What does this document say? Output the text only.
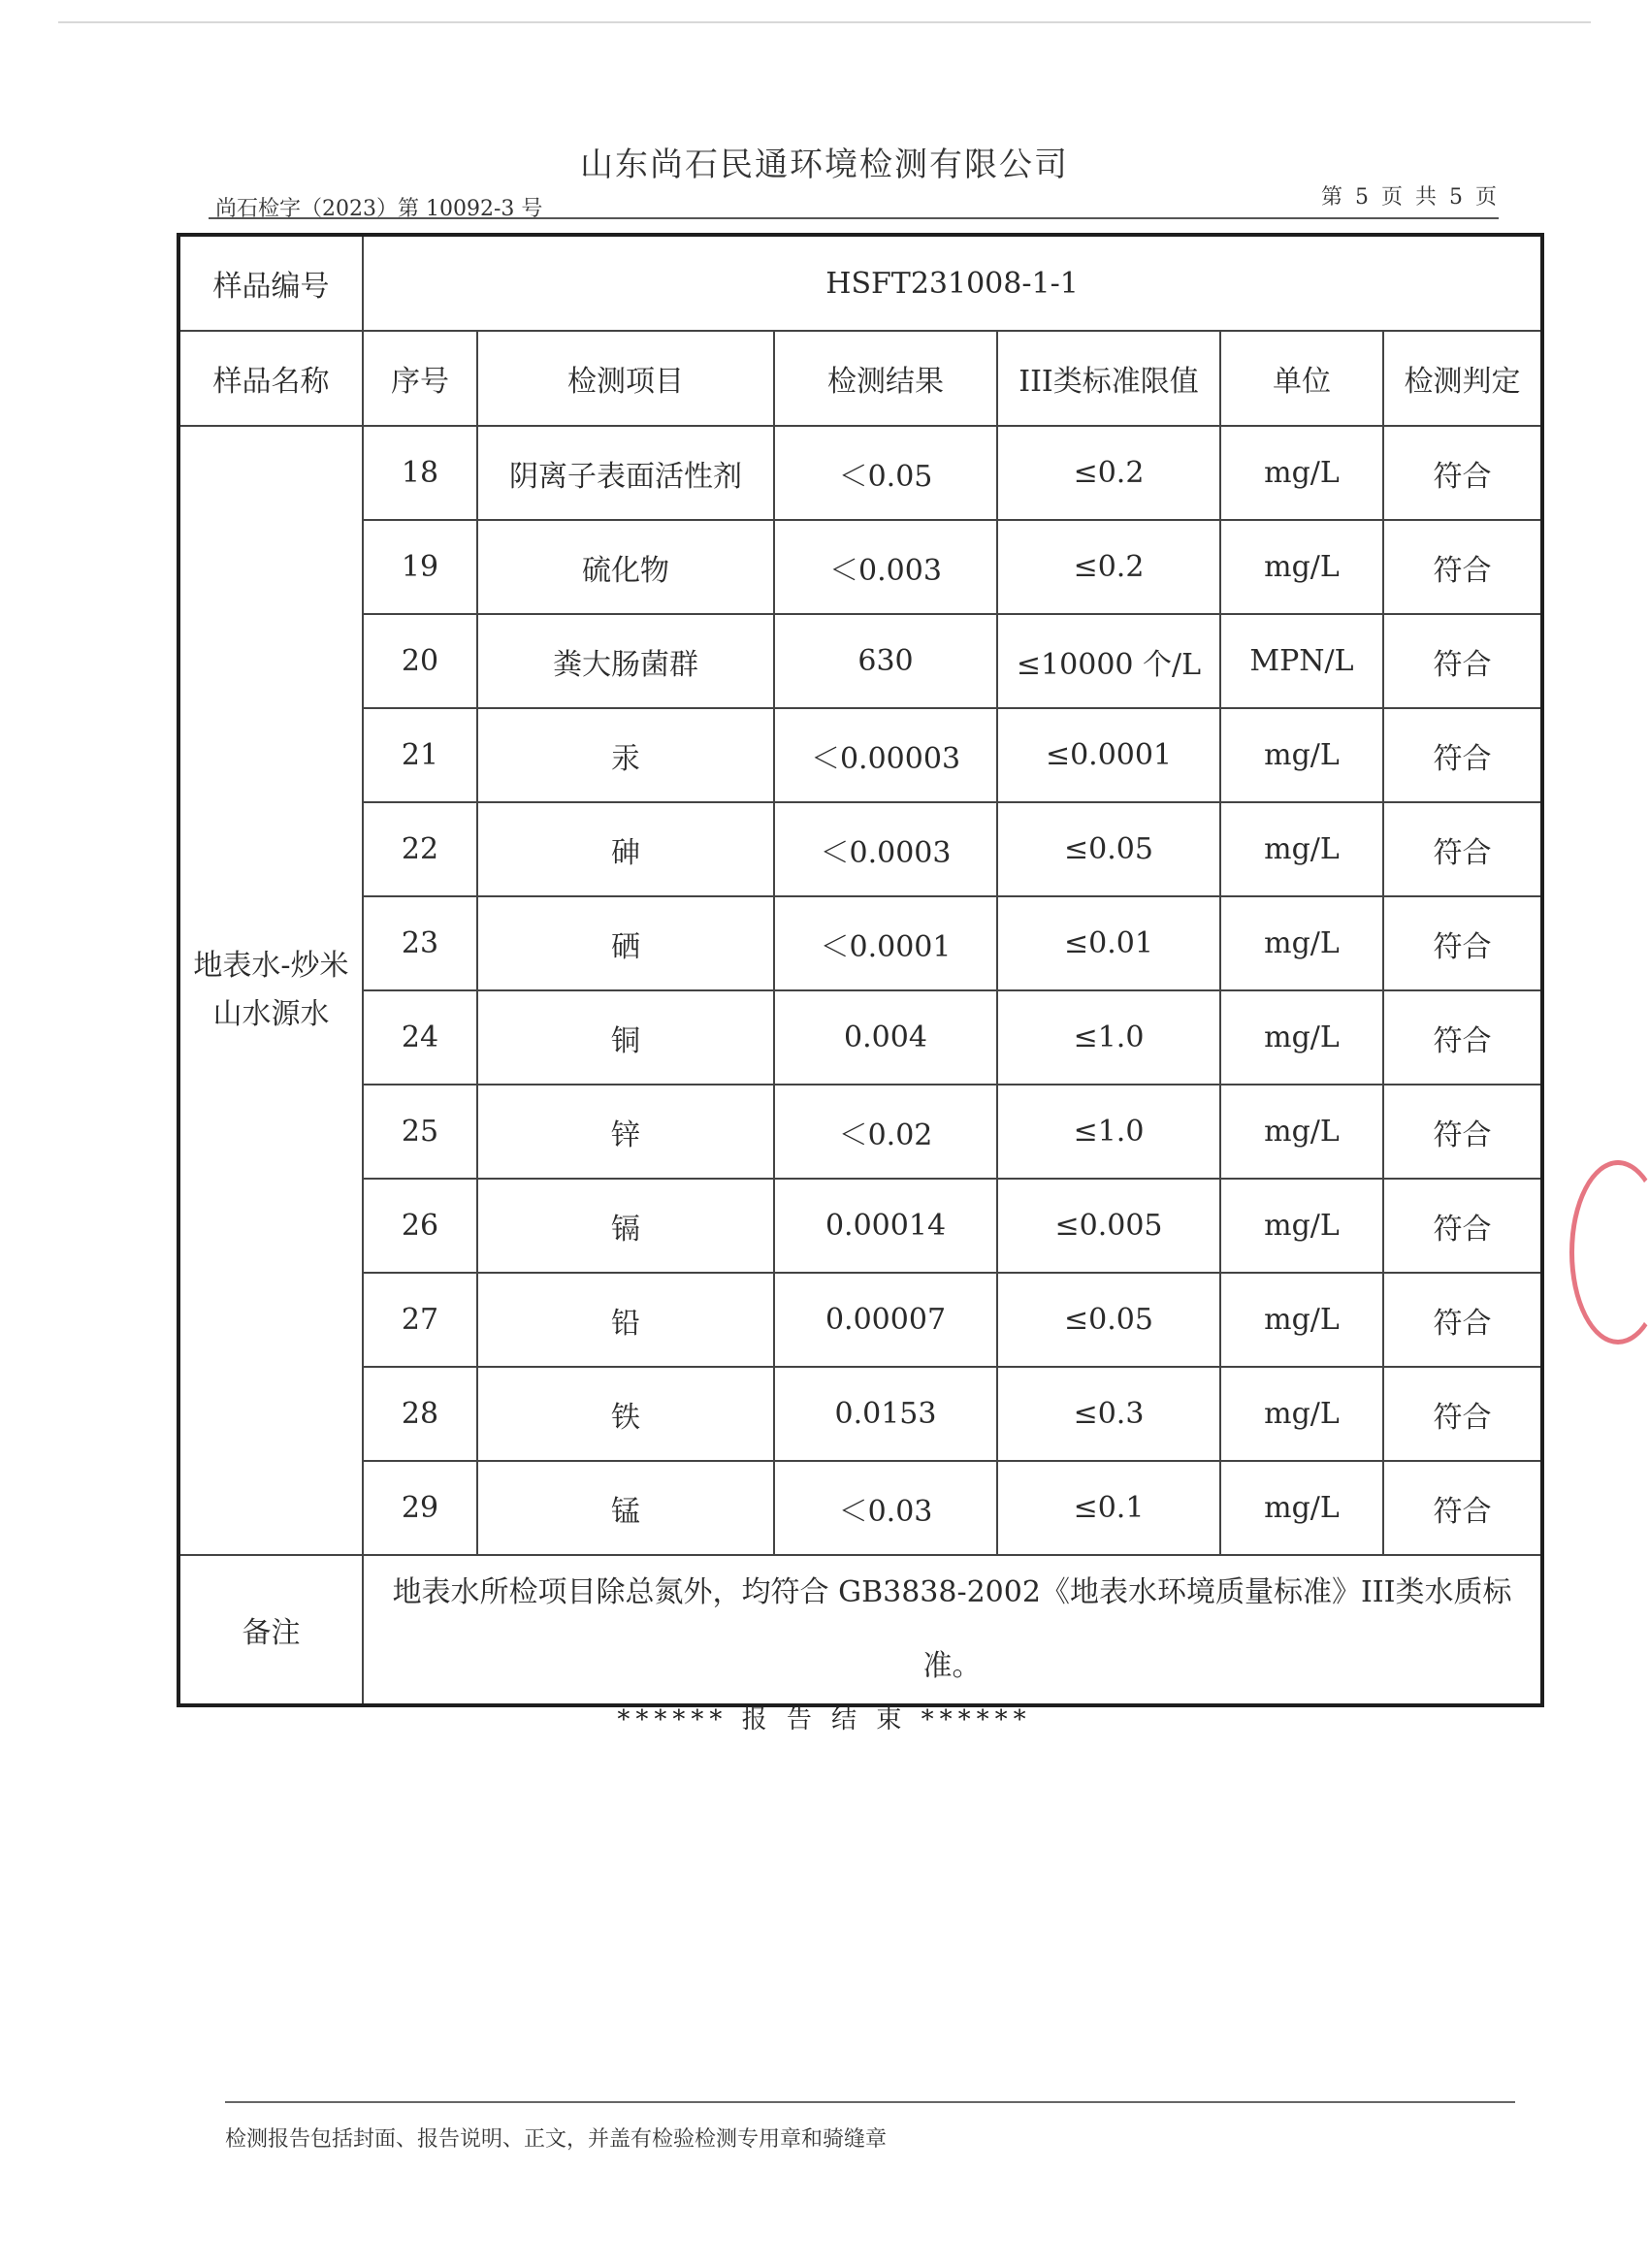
山东尚石民通环境检测有限公司
尚石检字（2023）第 10092-3 号	第 5 页 共 5 页
样品编号	HSFT231008-1-1					
样品名称	序号	检测项目	检测结果	III类标准限值	单位	检测判定
地表水-炒米山水源水	18	阴离子表面活性剂	＜0.05	≤0.2	mg/L	符合
	19	硫化物	＜0.003	≤0.2	mg/L	符合
	20	粪大肠菌群	630	≤10000 个/L	MPN/L	符合
	21	汞	＜0.00003	≤0.0001	mg/L	符合
	22	砷	＜0.0003	≤0.05	mg/L	符合
	23	硒	＜0.0001	≤0.01	mg/L	符合
	24	铜	0.004	≤1.0	mg/L	符合
	25	锌	＜0.02	≤1.0	mg/L	符合
	26	镉	0.00014	≤0.005	mg/L	符合
	27	铅	0.00007	≤0.05	mg/L	符合
	28	铁	0.0153	≤0.3	mg/L	符合
	29	锰	＜0.03	≤0.1	mg/L	符合
备注	地表水所检项目除总氮外，均符合 GB3838-2002《地表水环境质量标准》III类水质标准。					
****** 报 告 结 束 ******
检测报告包括封面、报告说明、正文，并盖有检验检测专用章和骑缝章
